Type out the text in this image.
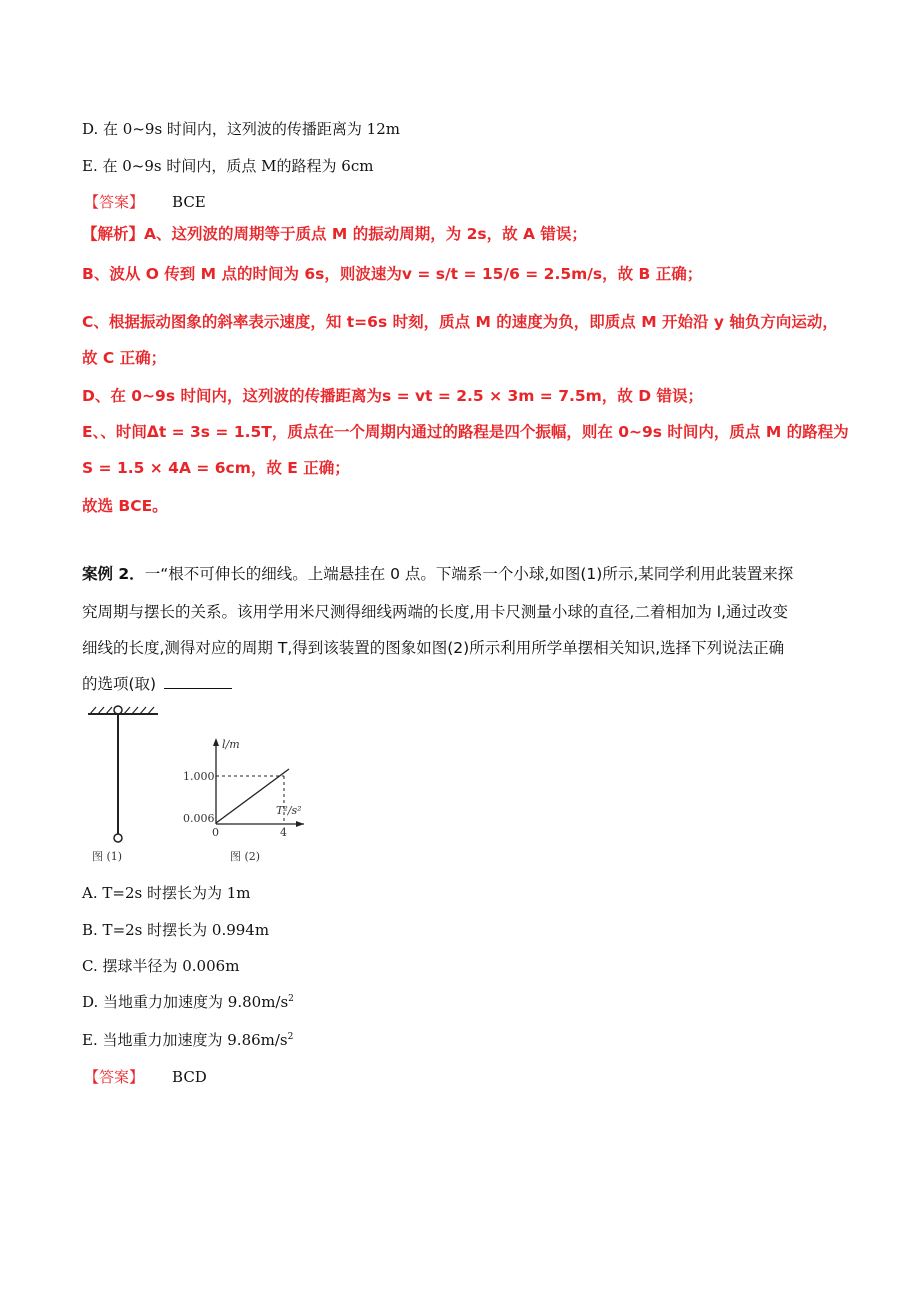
D. 在 0~9s 时间内，这列波的传播距离为 12m
E. 在 0~9s 时间内，质点 M的路程为 6cm
【答案】 BCE
【解析】A、这列波的周期等于质点 M 的振动周期，为 2s，故 A 错误；
B、波从 O 传到 M 点的时间为 6s，则波速为v = s/t = 15/6 = 2.5m/s，故 B 正确；
C、根据振动图象的斜率表示速度，知 t=6s 时刻，质点 M 的速度为负，即质点 M 开始沿 y 轴负方向运动，
故 C 正确；
D、在 0~9s 时间内，这列波的传播距离为s = vt = 2.5 × 3m = 7.5m，故 D 错误；
E、、时间Δt = 3s = 1.5T，质点在一个周期内通过的路程是四个振幅，则在 0~9s 时间内，质点 M 的路程为
S = 1.5 × 4A = 6cm，故 E 正确；
故选 BCE。
案例 2．一“根不可伸长的细线。上端悬挂在 0 点。下端系一个小球,如图(1)所示,某同学利用此装置来探
究周期与摆长的关系。该用学用米尺测得细线两端的长度,用卡尺测量小球的直径,二着相加为 l,通过改变
细线的长度,测得对应的周期 T,得到该装置的图象如图(2)所示利用所学单摆相关知识,选择下列说法正确
的选项(取)
图 (1)
l/m
T²/s²
1.000
0.006
0	4
图 (2)
A. T=2s 时摆长为为 1m
B. T=2s 时摆长为 0.994m
C. 摆球半径为 0.006m
D. 当地重力加速度为 $9.80m/s^2$
E. 当地重力加速度为 $9.86m/s^2$
【答案】 BCD
